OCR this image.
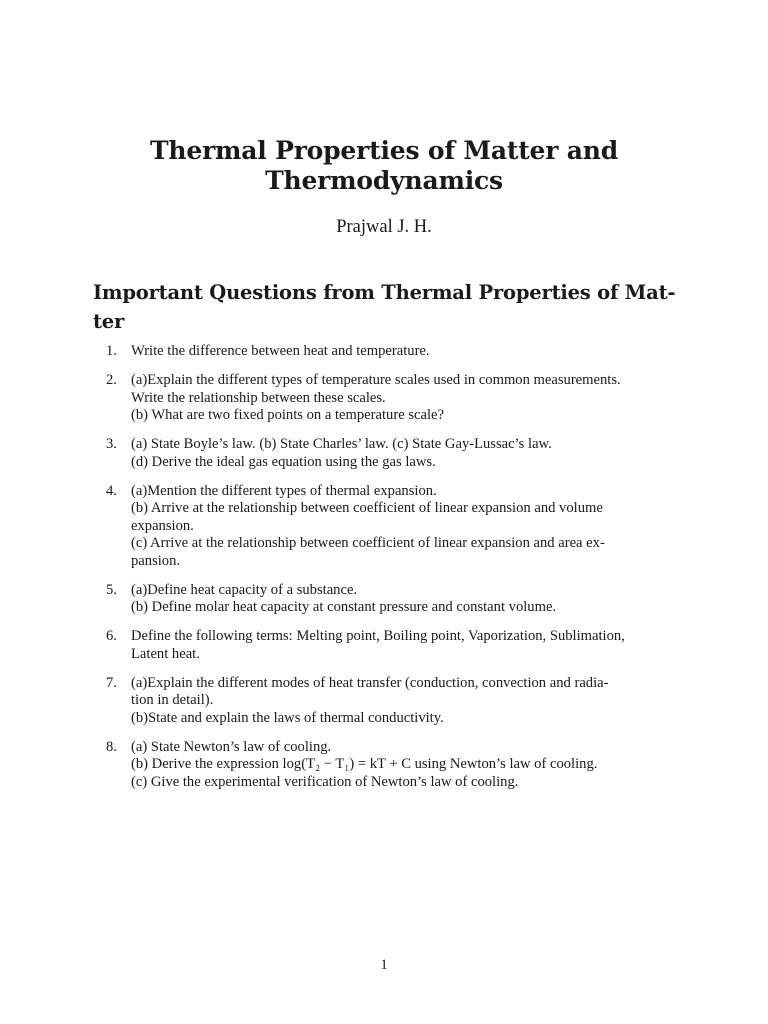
Thermal Properties of Matter and
Thermodynamics
Prajwal J. H.
Important Questions from Thermal Properties of Mat-
ter
1. Write the difference between heat and temperature.
2. (a)Explain the different types of temperature scales used in common measurements.
Write the relationship between these scales.
(b) What are two fixed points on a temperature scale?
3. (a) State Boyle’s law. (b) State Charles’ law. (c) State Gay-Lussac’s law.
(d) Derive the ideal gas equation using the gas laws.
4. (a)Mention the different types of thermal expansion.
(b) Arrive at the relationship between coefficient of linear expansion and volume
expansion.
(c) Arrive at the relationship between coefficient of linear expansion and area ex-
pansion.
5. (a)Define heat capacity of a substance.
(b) Define molar heat capacity at constant pressure and constant volume.
6. Define the following terms: Melting point, Boiling point, Vaporization, Sublimation,
Latent heat.
7. (a)Explain the different modes of heat transfer (conduction, convection and radia-
tion in detail).
(b)State and explain the laws of thermal conductivity.
8. (a) State Newton’s law of cooling.
(b) Derive the expression log(T₂ − T₁) = kT + C using Newton’s law of cooling.
(c) Give the experimental verification of Newton’s law of cooling.
1
